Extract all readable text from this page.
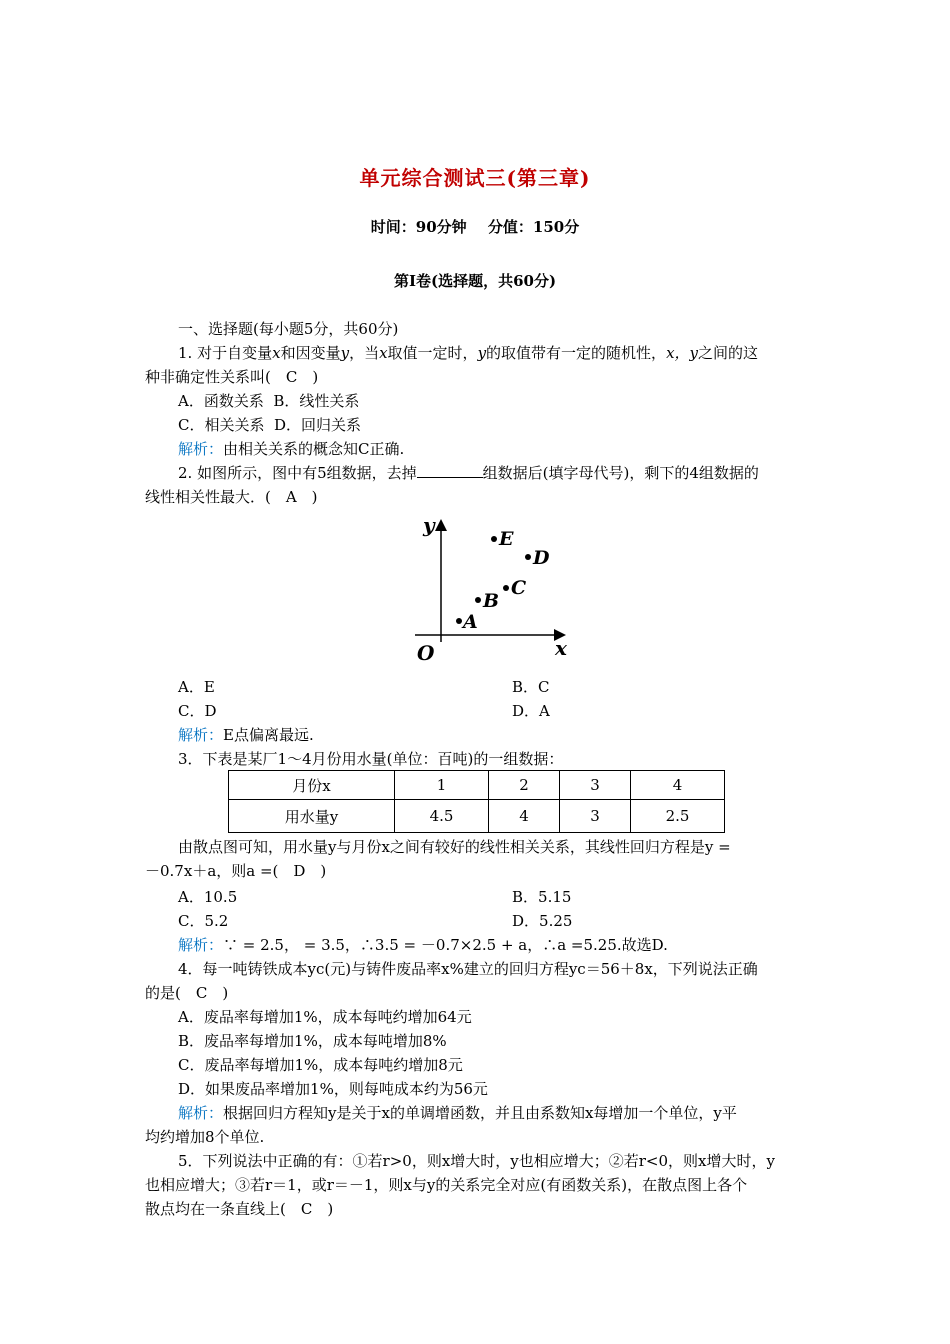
单元综合测试三(第三章)
时间：90分钟 分值：150分
第Ⅰ卷(选择题，共60分)
一、选择题(每小题5分，共60分)
1. 对于自变量x和因变量y，当x取值一定时，y的取值带有一定的随机性，x，y之间的这
种非确定性关系叫(　C　)
A．函数关系 B．线性关系
C．相关关系 D．回归关系
解析：由相关关系的概念知C正确.
2. 如图所示，图中有5组数据，去掉	组数据后(填字母代号)，剩下的4组数据的
线性相关性最大．(　A　)
y
x
O
E
D
C
B
A
A．E	B．C
C．D	D．A
解析：E点偏离最远.
3．下表是某厂1～4月份用水量(单位：百吨)的一组数据：
月份x	1	2	3	4
用水量y	4.5	4	3	2.5
由散点图可知，用水量y与月份x之间有较好的线性相关关系，其线性回归方程是y =
－0.7x＋a，则a =(　D　)
A．10.5	B．5.15
C．5.2	D．5.25
解析：∵ = 2.5， = 3.5，∴3.5 = －0.7×2.5 + a，∴a =5.25.故选D.
4．每一吨铸铁成本yc(元)与铸件废品率x%建立的回归方程yc＝56＋8x，下列说法正确
的是(　C　)
A．废品率每增加1%，成本每吨约增加64元
B．废品率每增加1%，成本每吨增加8%
C．废品率每增加1%，成本每吨约增加8元
D．如果废品率增加1%，则每吨成本约为56元
解析：根据回归方程知y是关于x的单调增函数，并且由系数知x每增加一个单位，y平
均约增加8个单位.
5．下列说法中正确的有：①若r>0，则x增大时，y也相应增大；②若r<0，则x增大时，y
也相应增大；③若r＝1，或r＝－1，则x与y的关系完全对应(有函数关系)，在散点图上各个
散点均在一条直线上(　C　)
